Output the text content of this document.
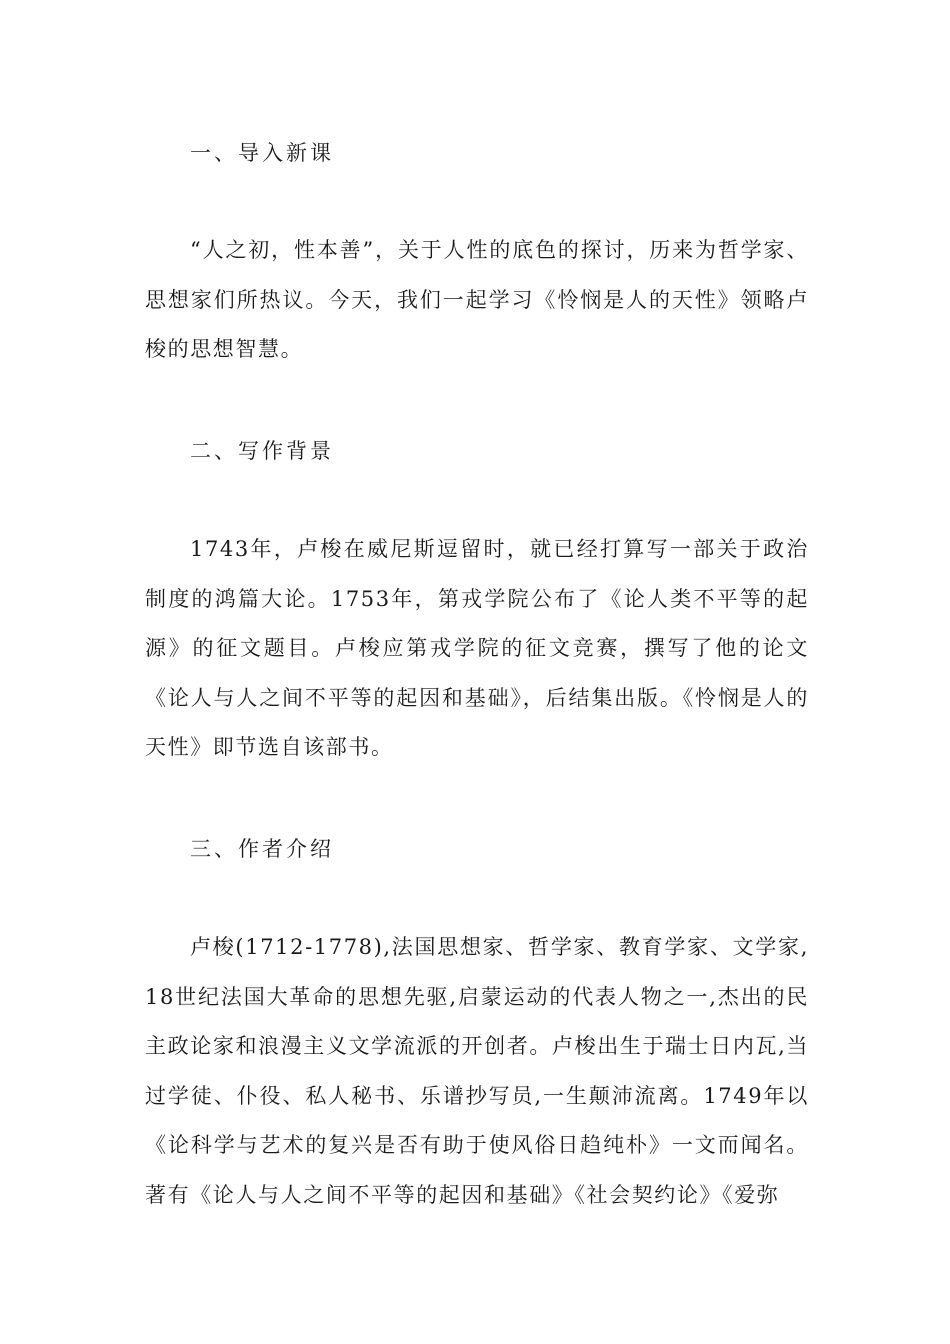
一、导入新课
“人之初，性本善”，关于人性的底色的探讨，历来为哲学家、思想家们所热议。今天，我们一起学习《怜悯是人的天性》领略卢梭的思想智慧。
二、写作背景
1743年，卢梭在威尼斯逗留时，就已经打算写一部关于政治制度的鸿篇大论。1753年，第戎学院公布了《论人类不平等的起源》的征文题目。卢梭应第戎学院的征文竞赛，撰写了他的论文《论人与人之间不平等的起因和基础》，后结集出版。《怜悯是人的天性》即节选自该部书。
三、作者介绍
卢梭(1712-1778),法国思想家、哲学家、教育学家、文学家,18世纪法国大革命的思想先驱,启蒙运动的代表人物之一,杰出的民主政论家和浪漫主义文学流派的开创者。卢梭出生于瑞士日内瓦,当过学徒、仆役、私人秘书、乐谱抄写员,一生颠沛流离。1749年以《论科学与艺术的复兴是否有助于使风俗日趋纯朴》一文而闻名。著有《论人与人之间不平等的起因和基础》《社会契约论》《爱弥
